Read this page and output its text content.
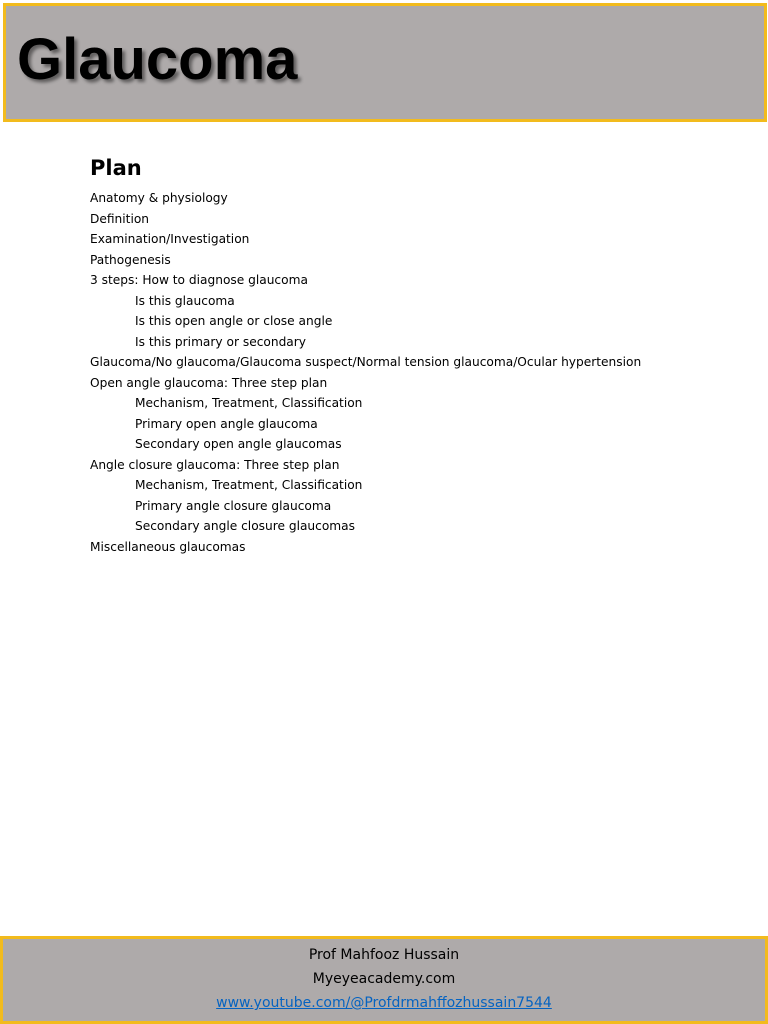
Glaucoma
Plan
Anatomy & physiology
Definition
Examination/Investigation
Pathogenesis
3 steps: How to diagnose glaucoma
Is this glaucoma
Is this open angle or close angle
Is this primary or secondary
Glaucoma/No glaucoma/Glaucoma suspect/Normal tension glaucoma/Ocular hypertension
Open angle glaucoma: Three step plan
Mechanism, Treatment, Classification
Primary open angle glaucoma
Secondary open angle glaucomas
Angle closure glaucoma: Three step plan
Mechanism, Treatment, Classification
Primary angle closure glaucoma
Secondary angle closure glaucomas
Miscellaneous glaucomas
Prof Mahfooz Hussain
Myeyeacademy.com
www.youtube.com/@Profdrmahffozhussain7544
